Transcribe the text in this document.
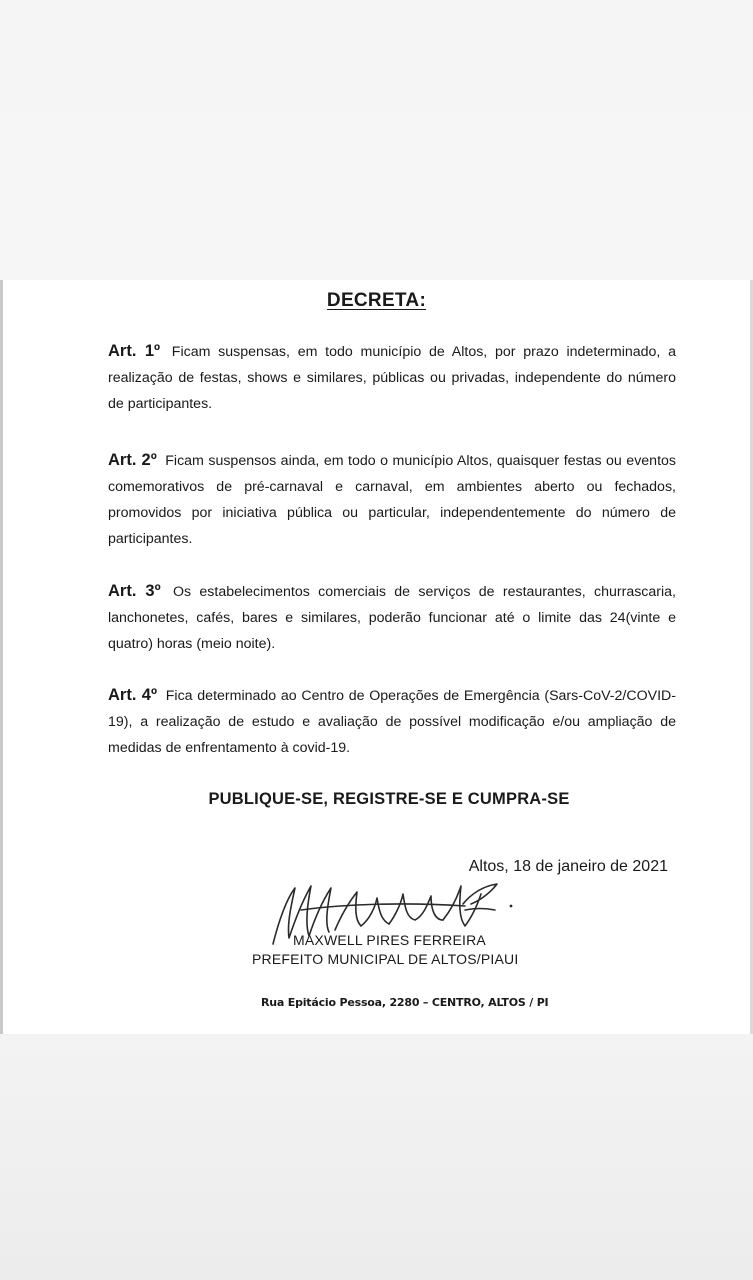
DECRETA:
Art. 1º Ficam suspensas, em todo município de Altos, por prazo indeterminado, a realização de festas, shows e similares, públicas ou privadas, independente do número de participantes.
Art. 2º Ficam suspensos ainda, em todo o município Altos, quaisquer festas ou eventos comemorativos de pré-carnaval e carnaval, em ambientes aberto ou fechados, promovidos por iniciativa pública ou particular, independentemente do número de participantes.
Art. 3º Os estabelecimentos comerciais de serviços de restaurantes, churrascaria, lanchonetes, cafés, bares e similares, poderão funcionar até o limite das 24(vinte e quatro) horas (meio noite).
Art. 4º Fica determinado ao Centro de Operações de Emergência (Sars-CoV-2/COVID-19), a realização de estudo e avaliação de possível modificação e/ou ampliação de medidas de enfrentamento à covid-19.
PUBLIQUE-SE, REGISTRE-SE E CUMPRA-SE
Altos, 18 de janeiro de 2021
MAXWELL PIRES FERREIRA
PREFEITO MUNICIPAL DE ALTOS/PIAUI
Rua Epitácio Pessoa, 2280 – CENTRO, ALTOS / PI
